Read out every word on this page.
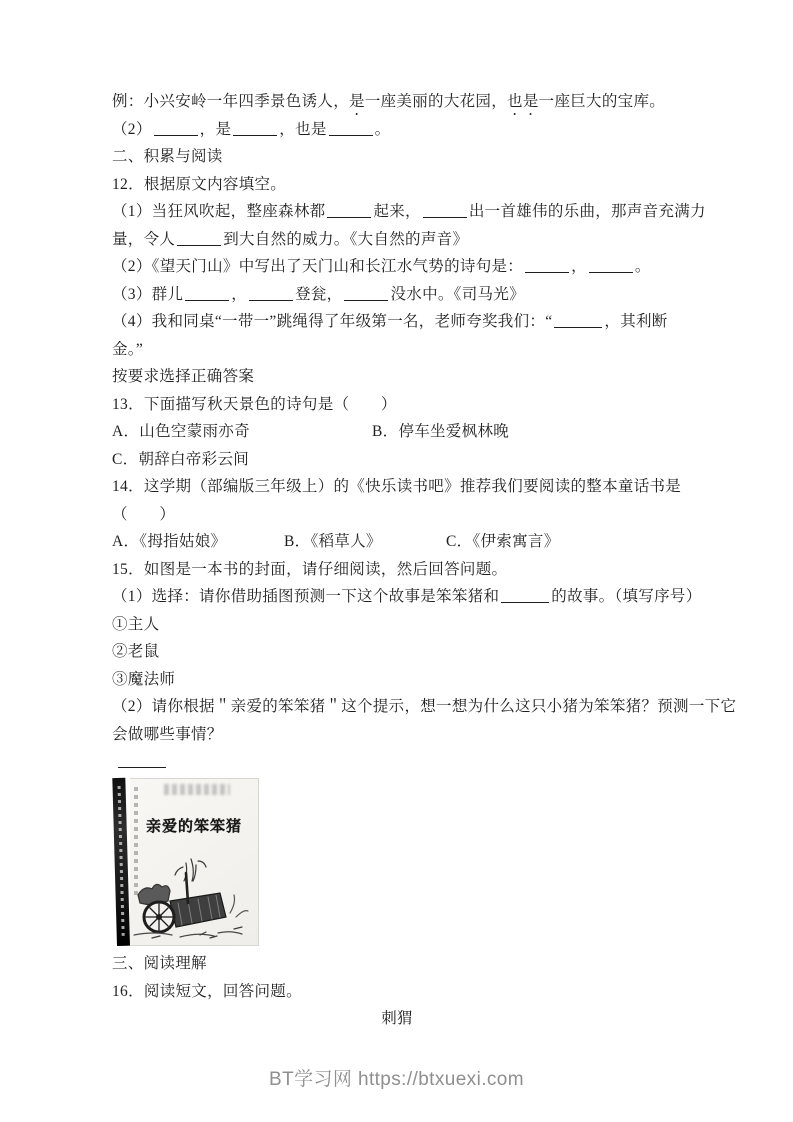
例：小兴安岭一年四季景色诱人，是一座美丽的大花园，也是一座巨大的宝库。
（2）	，是	，也是	。
二、积累与阅读
12．根据原文内容填空。
（1）当狂风吹起，整座森林都	起来，	出一首雄伟的乐曲，那声音充满力
量，令人	到大自然的威力。《大自然的声音》
（2）《望天门山》中写出了天门山和长江水气势的诗句是：	，	。
（3）群儿	，	登瓮，	没水中。《司马光》
（4）我和同桌“一带一”跳绳得了年级第一名，老师夸奖我们：“	，其利断
金。”
按要求选择正确答案
13．下面描写秋天景色的诗句是（　　）
A．山色空蒙雨亦奇	B．停车坐爱枫林晚
C．朝辞白帝彩云间
14．这学期（部编版三年级上）的《快乐读书吧》推荐我们要阅读的整本童话书是
（　　）
A．《拇指姑娘》	B．《稻草人》	C．《伊索寓言》
15．如图是一本书的封面，请仔细阅读，然后回答问题。
（1）选择：请你借助插图预测一下这个故事是笨笨猪和	的故事。（填写序号）
①主人
②老鼠
③魔法师
（2）请你根据＂亲爱的笨笨猪＂这个提示，想一想为什么这只小猪为笨笨猪？预测一下它
会做哪些事情？
亲爱的笨笨猪
三、阅读理解
16．阅读短文，回答问题。
刺猬
BT学习网 https://btxuexi.com
